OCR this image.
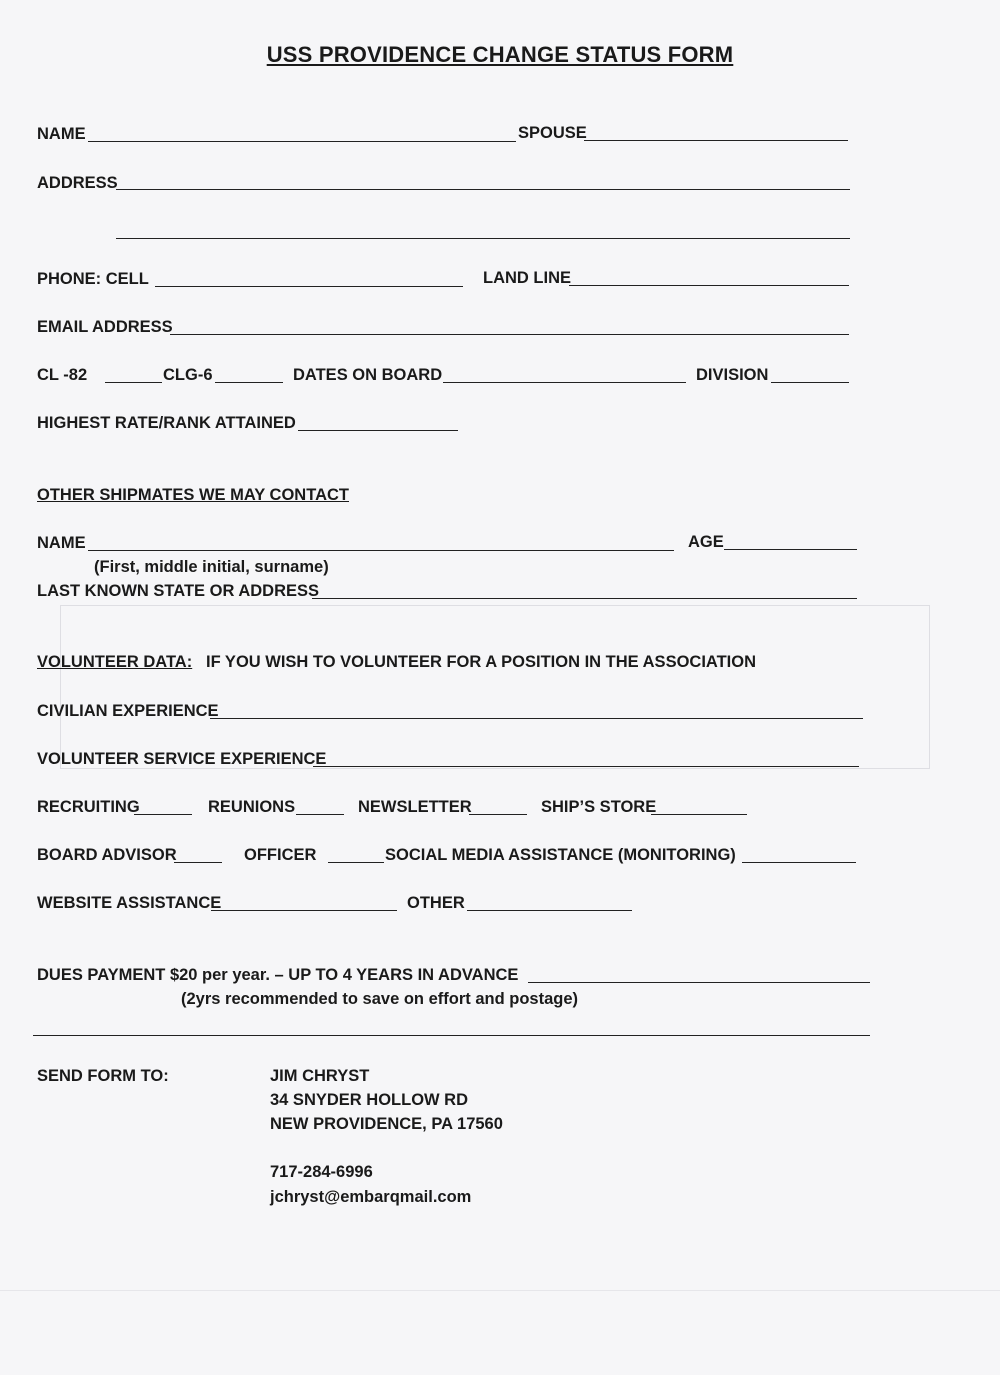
USS PROVIDENCE CHANGE STATUS FORM
NAME	SPOUSE
ADDRESS
PHONE: CELL	LAND LINE
EMAIL ADDRESS
CL -82	CLG-6	DATES ON BOARD	DIVISION
HIGHEST RATE/RANK ATTAINED
OTHER SHIPMATES WE MAY CONTACT
NAME	AGE
(First, middle initial, surname)
LAST KNOWN STATE OR ADDRESS
VOLUNTEER DATA: IF YOU WISH TO VOLUNTEER FOR A POSITION IN THE ASSOCIATION
CIVILIAN EXPERIENCE
VOLUNTEER SERVICE EXPERIENCE
RECRUITING	REUNIONS	NEWSLETTER	SHIP’S STORE
BOARD ADVISOR	OFFICER	SOCIAL MEDIA ASSISTANCE (MONITORING)
WEBSITE ASSISTANCE	OTHER
DUES PAYMENT $20 per year. – UP TO 4 YEARS IN ADVANCE
(2yrs recommended to save on effort and postage)
SEND FORM TO:	JIM CHRYST
34 SNYDER HOLLOW RD
NEW PROVIDENCE, PA 17560
717-284-6996
jchryst@embarqmail.com
